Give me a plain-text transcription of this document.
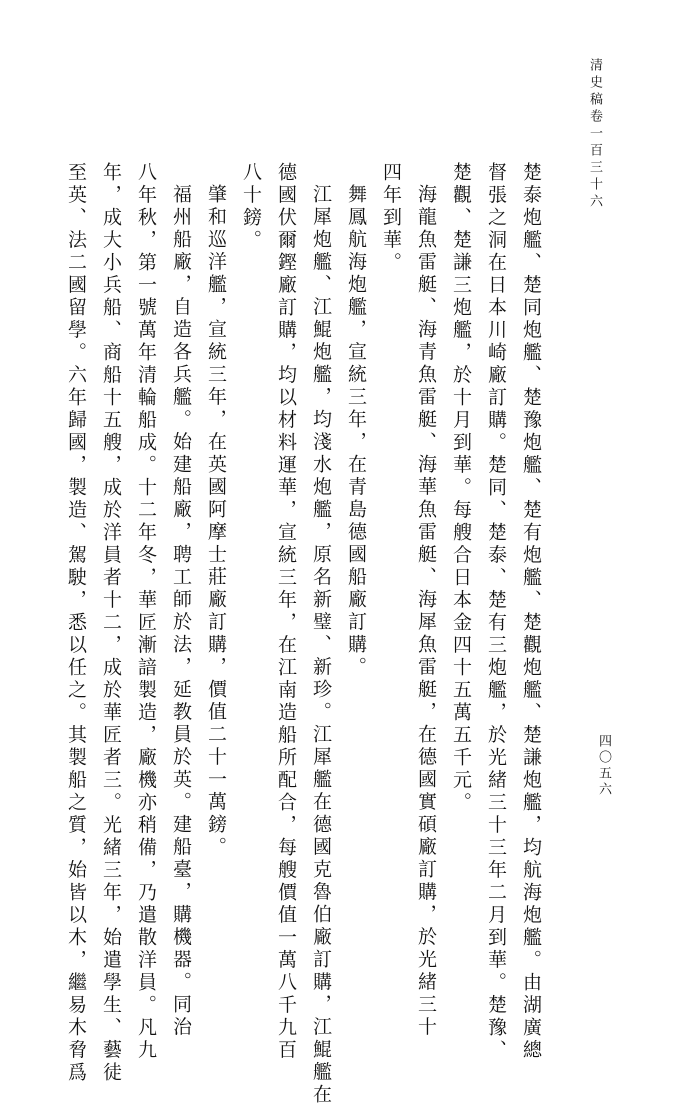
清史稿卷一百三十六
四〇五六
楚泰炮艦、楚同炮艦、楚豫炮艦、楚有炮艦、楚觀炮艦、楚謙炮艦，均航海炮艦。由湖廣總
督張之洞在日本川崎廠訂購。楚同、楚泰、楚有三炮艦，於光緒三十三年二月到華。楚豫、
楚觀、楚謙三炮艦，於十月到華。每艘合日本金四十五萬五千元。
海龍魚雷艇、海青魚雷艇、海華魚雷艇、海犀魚雷艇，在德國實碩廠訂購，於光緒三十
四年到華。
舞鳳航海炮艦，宣統三年，在青島德國船廠訂購。
江犀炮艦、江鯤炮艦，均淺水炮艦，原名新璧、新珍。江犀艦在德國克魯伯廠訂購，江鯤艦在
德國伏爾鏗廠訂購，均以材料運華，宣統三年，在江南造船所配合，每艘價值一萬八千九百
八十鎊。
肇和巡洋艦，宣統三年，在英國阿摩士莊廠訂購，價值二十一萬鎊。
福州船廠，自造各兵艦。始建船廠，聘工師於法，延教員於英。建船臺，購機器。同治
八年秋，第一號萬年清輪船成。十二年冬，華匠漸諳製造，廠機亦稍備，乃遣散洋員。凡九
年，成大小兵船、商船十五艘，成於洋員者十二，成於華匠者三。光緒三年，始遣學生、藝徒
至英、法二國留學。六年歸國，製造、駕駛，悉以任之。其製船之質，始皆以木，繼易木脅爲
